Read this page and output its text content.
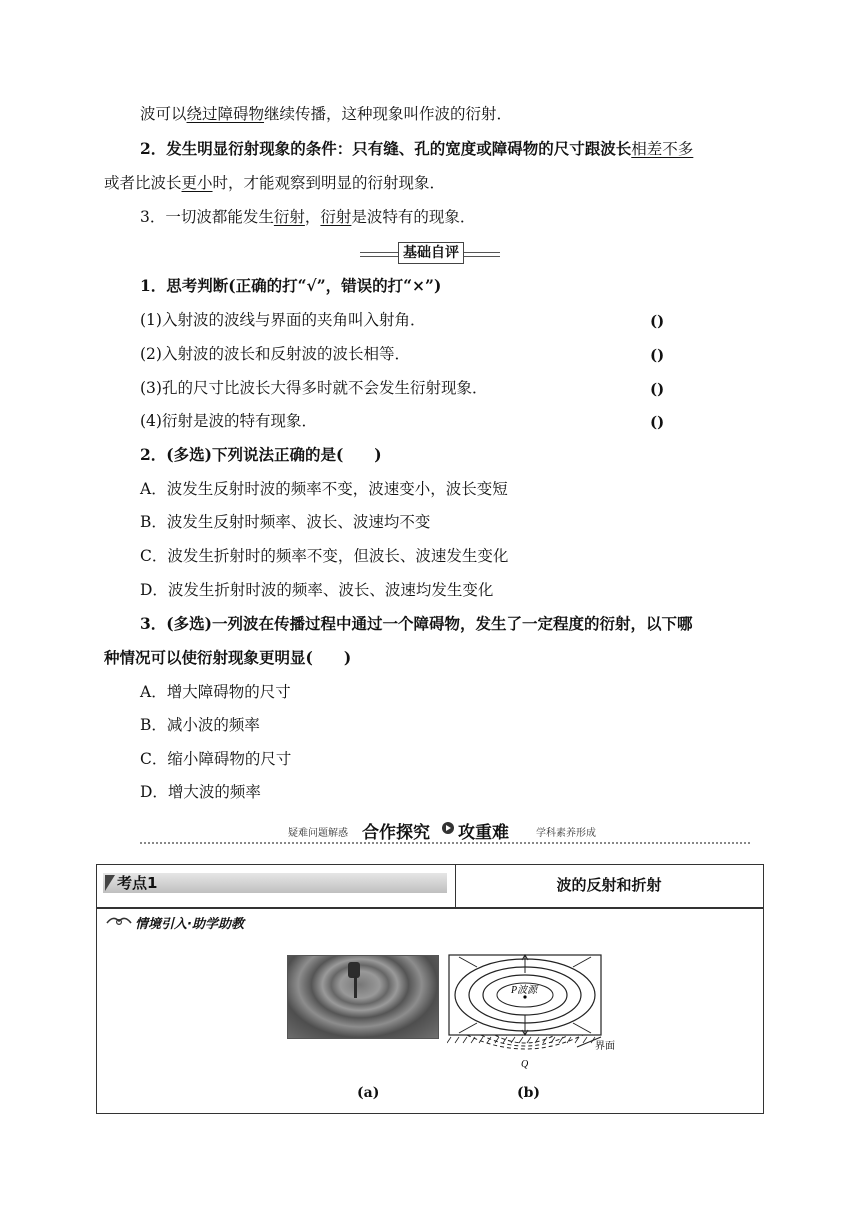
波可以绕过障碍物继续传播，这种现象叫作波的衍射．
2．发生明显衍射现象的条件：只有缝、孔的宽度或障碍物的尺寸跟波长相差不多
或者比波长更小时，才能观察到明显的衍射现象．
3．一切波都能发生衍射，衍射是波特有的现象．
基础自评
1．思考判断(正确的打“√”，错误的打“×”)
(1)入射波的波线与界面的夹角叫入射角．	()
(2)入射波的波长和反射波的波长相等．	()
(3)孔的尺寸比波长大得多时就不会发生衍射现象．	()
(4)衍射是波的特有现象．	()
2．(多选)下列说法正确的是(　　)
A．波发生反射时波的频率不变，波速变小，波长变短
B．波发生反射时频率、波长、波速均不变
C．波发生折射时的频率不变，但波长、波速发生变化
D．波发生折射时波的频率、波长、波速均发生变化
3．(多选)一列波在传播过程中通过一个障碍物，发生了一定程度的衍射，以下哪
种情况可以使衍射现象更明显(　　)
A．增大障碍物的尺寸
B．减小波的频率
C．缩小障碍物的尺寸
D．增大波的频率
疑难问题解惑 合作探究 攻重难	学科素养形成
考点1	波的反射和折射
情境引入·助学助教
P波源
界面
Q
(a)	(b)
